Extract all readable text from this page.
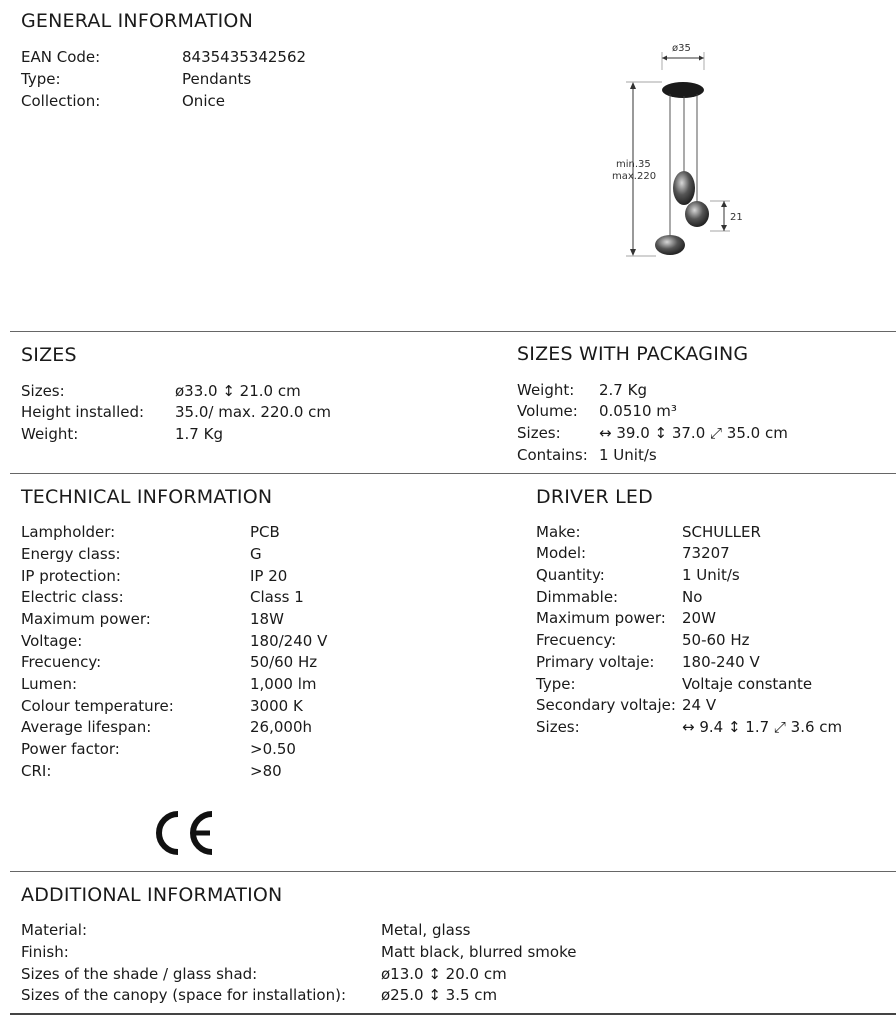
GENERAL INFORMATION
EAN Code:	8435435342562
Type:	Pendants
Collection:	Onice
ø35
min.35
max.220
21
SIZES
Sizes:	ø33.0 ↕ 21.0 cm
Height installed: 35.0/ max. 220.0 cm
Weight:	1.7 Kg
SIZES WITH PACKAGING
Weight: 2.7 Kg
Volume: 0.0510 m³
Sizes:	↔ 39.0 ↕ 37.0 ⤢ 35.0 cm
Contains: 1 Unit/s
TECHNICAL INFORMATION
Lampholder:	PCB
Energy class:	G
IP protection:	IP 20
Electric class:	Class 1
Maximum power:	18W
Voltage:	180/240 V
Frecuency:	50/60 Hz
Lumen:	1,000 lm
Colour temperature:	3000 K
Average lifespan:	26,000h
Power factor:	>0.50
CRI:	>80
DRIVER LED
Make:	SCHULLER
Model:	73207
Quantity:	1 Unit/s
Dimmable:	No
Maximum power: 20W
Frecuency:	50-60 Hz
Primary voltaje: 180-240 V
Type:	Voltaje constante
Secondary voltaje: 24 V
Sizes:	↔ 9.4 ↕ 1.7 ⤢ 3.6 cm
ADDITIONAL INFORMATION
Material:	Metal, glass
Finish:	Matt black, blurred smoke
Sizes of the shade / glass shad:	ø13.0 ↕ 20.0 cm
Sizes of the canopy (space for installation): ø25.0 ↕ 3.5 cm
